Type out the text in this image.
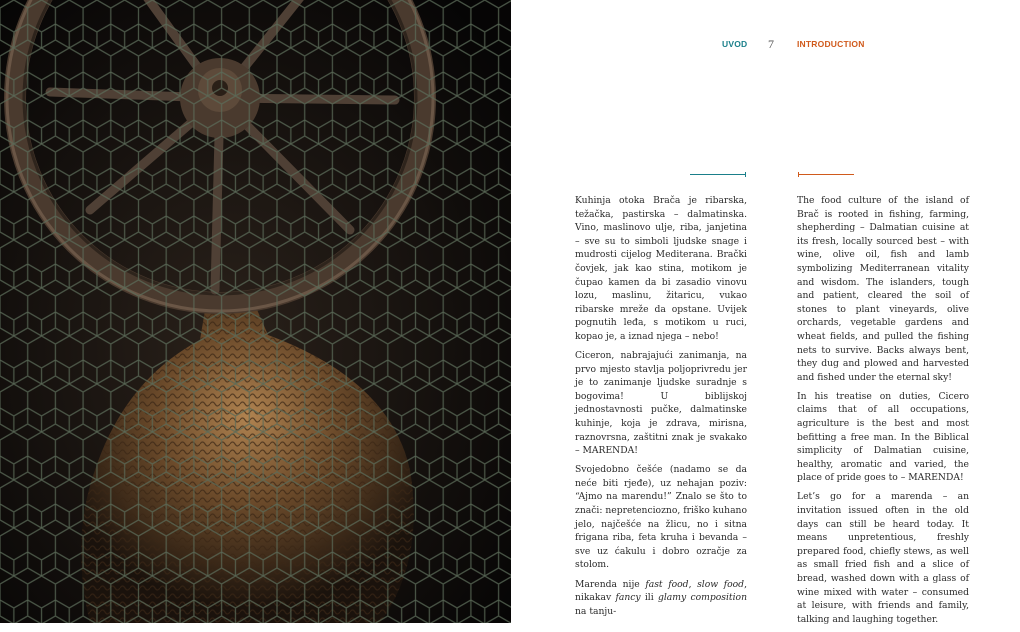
UVOD 7	INTRODUCTION

Kuhinja otoka Brača je ribarska, težačka, pastirska – dalmatinska. Vino, maslinovo ulje, riba, janjetina – sve su to simboli ljudske snage i mudrosti cijelog Mediterana. Brački čovjek, jak kao stina, motikom je čupao kamen da bi zasadio vinovu lozu, maslinu, žitaricu, vukao ribarske mreže da opstane. Uvijek pognutih leđa, s motikom u ruci, kopao je, a iznad njega – nebo!

Ciceron, nabrajajući zanimanja, na prvo mjesto stavlja poljoprivredu jer je to zanimanje ljudske suradnje s bogovima! U biblijskoj jednostavnosti pučke, dalmatinske kuhinje, koja je zdrava, mirisna, raznovrsna, zaštitni znak je svakako – MARENDA!

Svojedobno češće (nadamo se da neće biti rjeđe), uz nehajan poziv: “Ajmo na marendu!” Znalo se što to znači: nepretenciozno, friško kuhano jelo, najčešće na žlicu, no i sitna frigana riba, feta kruha i bevanda – sve uz ćakulu i dobro ozračje za stolom.

Marenda nije fast food, slow food, nikakav fancy ili glamy composition na tanju-

The food culture of the island of Brač is rooted in fishing, farming, shepherding – Dalmatian cuisine at its fresh, locally sourced best – with wine, olive oil, fish and lamb symbolizing Mediterranean vitality and wisdom. The islanders, tough and patient, cleared the soil of stones to plant vineyards, olive orchards, vegetable gardens and wheat fields, and pulled the fishing nets to survive. Backs always bent, they dug and plowed and harvested and fished under the eternal sky!

In his treatise on duties, Cicero claims that of all occupations, agriculture is the best and most befitting a free man. In the Biblical simplicity of Dalmatian cuisine, healthy, aromatic and varied, the place of pride goes to – MARENDA!

Let’s go for a marenda – an invitation issued often in the old days can still be heard today. It means unpretentious, freshly prepared food, chiefly stews, as well as small fried fish and a slice of bread, washed down with a glass of wine mixed with water – consumed at leisure, with friends and family, talking and laughing together.
